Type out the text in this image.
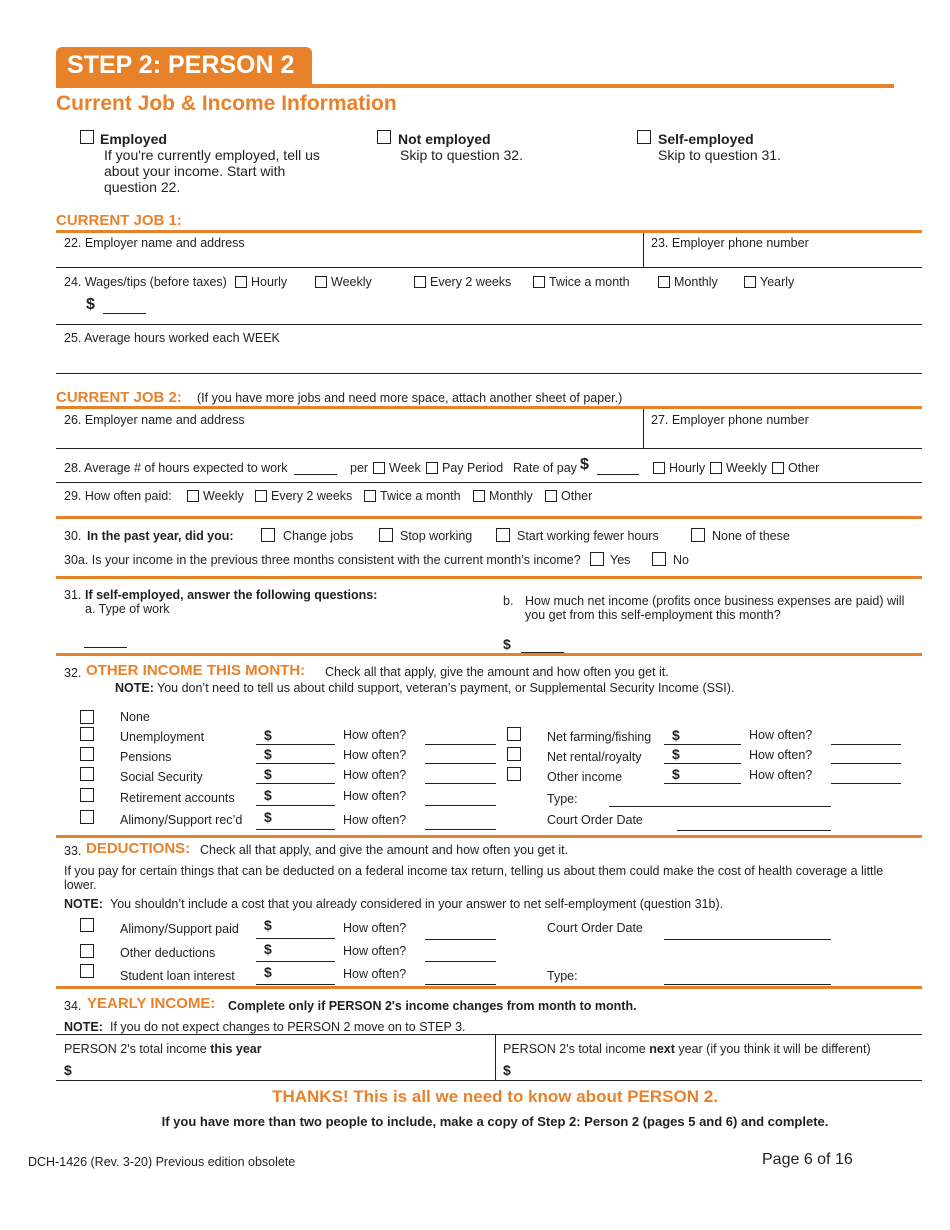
STEP 2: PERSON 2
Current Job & Income Information
Employed
If you're currently employed, tell us
about your income. Start with
question 22.
Not employed
Skip to question 32.
Self-employed
Skip to question 31.
CURRENT JOB 1:
22. Employer name and address	23. Employer phone number
24. Wages/tips (before taxes) Hourly	Weekly	Every 2 weeks	Twice a month	Monthly	Yearly
$
25. Average hours worked each WEEK
CURRENT JOB 2: (If you have more jobs and need more space, attach another sheet of paper.)
26. Employer name and address	27. Employer phone number
28. Average # of hours expected to work	per Week Pay Period Rate of pay $	Hourly Weekly Other
29. How often paid:	Weekly Every 2 weeks Twice a month Monthly Other
30. In the past year, did you:	Change jobs	Stop working	Start working fewer hours	None of these
30a. Is your income in the previous three months consistent with the current month’s income? Yes	No
31. If self-employed, answer the following questions:
a. Type of work
b. How much net income (profits once business expenses are paid) will
you get from this self-employment this month?
$
32. OTHER INCOME THIS MONTH: Check all that apply, give the amount and how often you get it.
NOTE: You don’t need to tell us about child support, veteran’s payment, or Supplemental Security Income (SSI).
None
Unemployment	$	How often?
Pensions	$	How often?
Social Security	$	How often?
Retirement accounts $	How often?
Alimony/Support rec’d $	How often?
Net farming/fishing $	How often?
Net rental/royalty $	How often?
Other income	$	How often?
Type:
Court Order Date
33. DEDUCTIONS: Check all that apply, and give the amount and how often you get it.
If you pay for certain things that can be deducted on a federal income tax return, telling us about them could make the cost of health coverage a little
lower.
NOTE: You shouldn’t include a cost that you already considered in your answer to net self-employment (question 31b).
Alimony/Support paid $	How often?	Court Order Date
Other deductions	$	How often?
Student loan interest $	How often?	Type:
34. YEARLY INCOME: Complete only if PERSON 2's income changes from month to month.
NOTE: If you do not expect changes to PERSON 2 move on to STEP 3.
PERSON 2's total income this year
$
PERSON 2's total income next year (if you think it will be different)
$
THANKS! This is all we need to know about PERSON 2.
If you have more than two people to include, make a copy of Step 2: Person 2 (pages 5 and 6) and complete.
DCH-1426 (Rev. 3-20) Previous edition obsolete	Page 6 of 16
